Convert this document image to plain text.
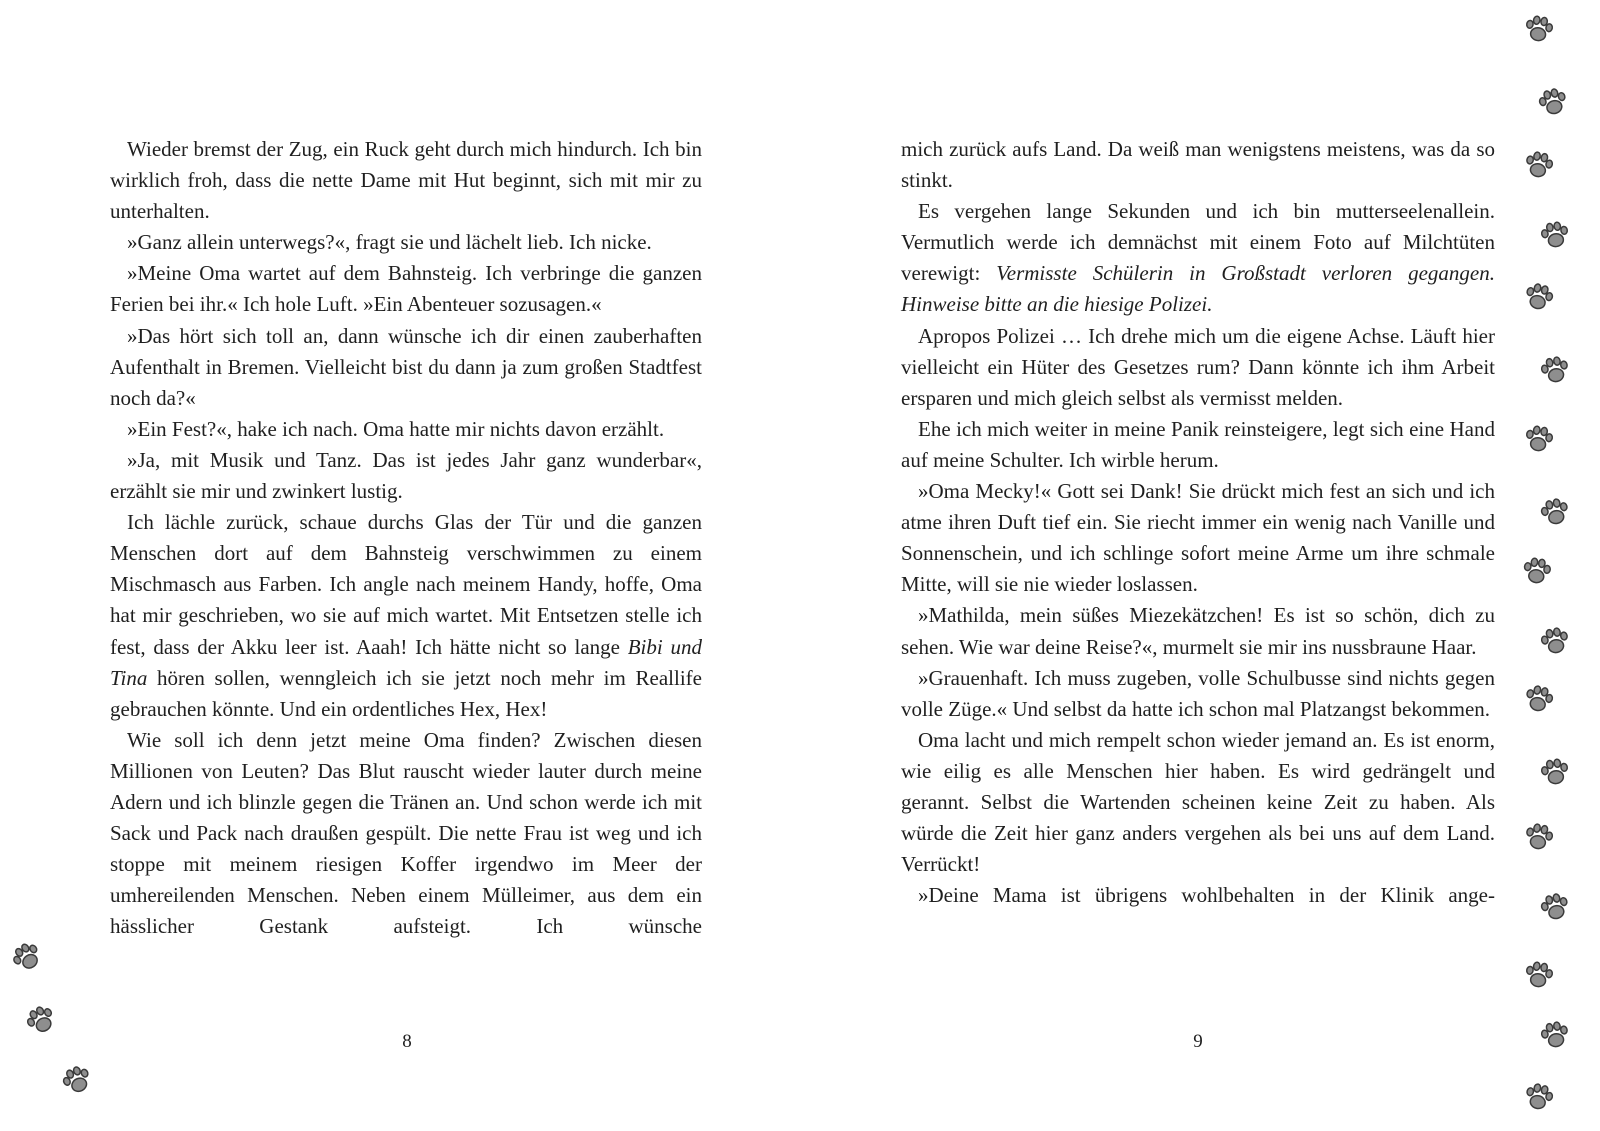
Wieder bremst der Zug, ein Ruck geht durch mich hindurch. Ich bin wirklich froh, dass die nette Dame mit Hut beginnt, sich mit mir zu unterhalten.

»Ganz allein unterwegs?«, fragt sie und lächelt lieb. Ich nicke.

»Meine Oma wartet auf dem Bahnsteig. Ich verbringe die ganzen Ferien bei ihr.« Ich hole Luft. »Ein Abenteuer sozusagen.«

»Das hört sich toll an, dann wünsche ich dir einen zauberhaften Aufenthalt in Bremen. Vielleicht bist du dann ja zum großen Stadtfest noch da?«

»Ein Fest?«, hake ich nach. Oma hatte mir nichts davon erzählt.

»Ja, mit Musik und Tanz. Das ist jedes Jahr ganz wunderbar«, erzählt sie mir und zwinkert lustig.

Ich lächle zurück, schaue durchs Glas der Tür und die ganzen Menschen dort auf dem Bahnsteig verschwimmen zu einem Mischmasch aus Farben. Ich angle nach meinem Handy, hoffe, Oma hat mir geschrieben, wo sie auf mich wartet. Mit Entsetzen stelle ich fest, dass der Akku leer ist. Aaah! Ich hätte nicht so lange Bibi und Tina hören sollen, wenngleich ich sie jetzt noch mehr im Reallife gebrauchen könnte. Und ein ordentliches Hex, Hex!

Wie soll ich denn jetzt meine Oma finden? Zwischen diesen Millionen von Leuten? Das Blut rauscht wieder lauter durch meine Adern und ich blinzle gegen die Tränen an. Und schon werde ich mit Sack und Pack nach draußen gespült. Die nette Frau ist weg und ich stoppe mit meinem riesigen Koffer irgendwo im Meer der umhereilenden Menschen. Neben einem Mülleimer, aus dem ein hässlicher Gestank aufsteigt. Ich wünsche

8

mich zurück aufs Land. Da weiß man wenigstens meistens, was da so stinkt.

Es vergehen lange Sekunden und ich bin mutterseelenallein. Vermutlich werde ich demnächst mit einem Foto auf Milchtüten verewigt: Vermisste Schülerin in Großstadt verloren gegangen. Hinweise bitte an die hiesige Polizei.

Apropos Polizei … Ich drehe mich um die eigene Achse. Läuft hier vielleicht ein Hüter des Gesetzes rum? Dann könnte ich ihm Arbeit ersparen und mich gleich selbst als vermisst melden.

Ehe ich mich weiter in meine Panik reinsteigere, legt sich eine Hand auf meine Schulter. Ich wirble herum.

»Oma Mecky!« Gott sei Dank! Sie drückt mich fest an sich und ich atme ihren Duft tief ein. Sie riecht immer ein wenig nach Vanille und Sonnenschein, und ich schlinge sofort meine Arme um ihre schmale Mitte, will sie nie wieder loslassen.

»Mathilda, mein süßes Miezekätzchen! Es ist so schön, dich zu sehen. Wie war deine Reise?«, murmelt sie mir ins nussbraune Haar.

»Grauenhaft. Ich muss zugeben, volle Schulbusse sind nichts gegen volle Züge.« Und selbst da hatte ich schon mal Platzangst bekommen.

Oma lacht und mich rempelt schon wieder jemand an. Es ist enorm, wie eilig es alle Menschen hier haben. Es wird gedrängelt und gerannt. Selbst die Wartenden scheinen keine Zeit zu haben. Als würde die Zeit hier ganz anders vergehen als bei uns auf dem Land. Verrückt!

»Deine Mama ist übrigens wohlbehalten in der Klinik ange-

9
